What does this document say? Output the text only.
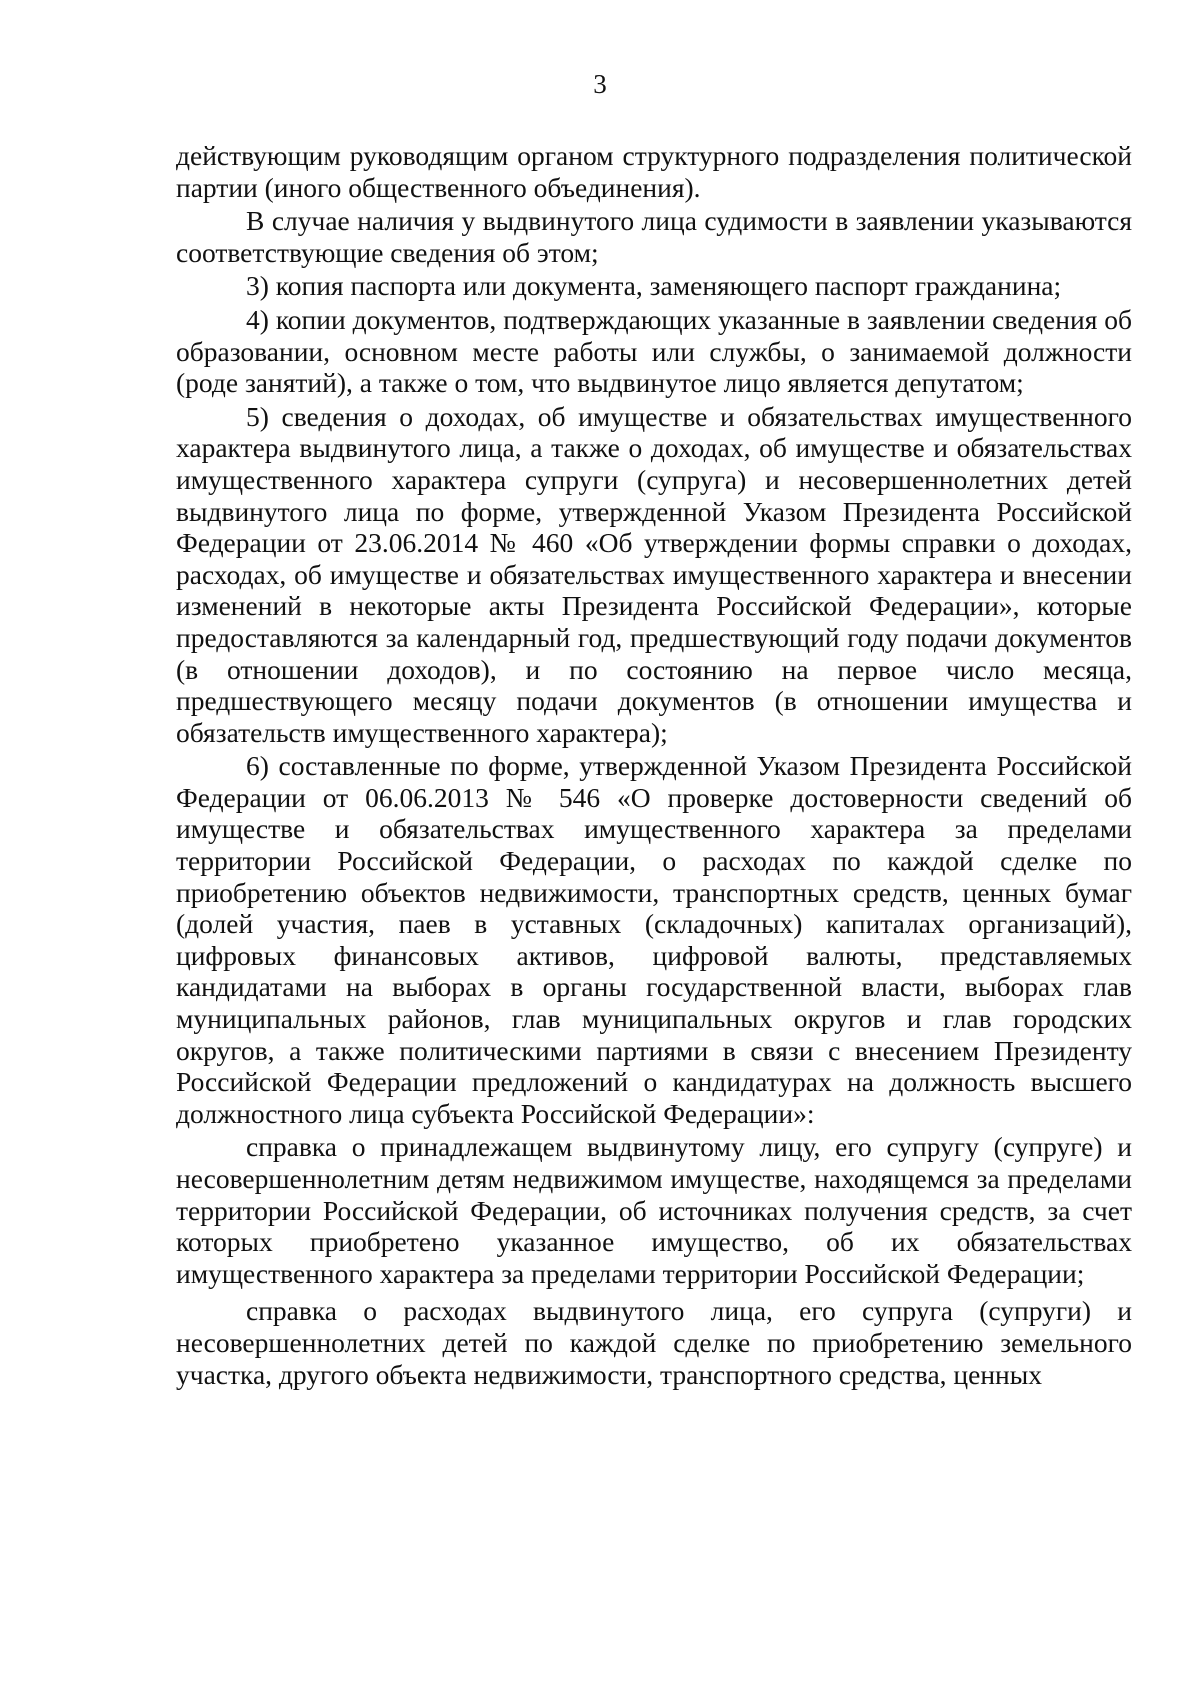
3

действующим руководящим органом структурного подразделения политической партии (иного общественного объединения).

В случае наличия у выдвинутого лица судимости в заявлении указываются соответствующие сведения об этом;

3) копия паспорта или документа, заменяющего паспорт гражданина;

4) копии документов, подтверждающих указанные в заявлении сведения об образовании, основном месте работы или службы, о занимаемой должности (роде занятий), а также о том, что выдвинутое лицо является депутатом;

5) сведения о доходах, об имуществе и обязательствах имущественного характера выдвинутого лица, а также о доходах, об имуществе и обязательствах имущественного характера супруги (супруга) и несовершеннолетних детей выдвинутого лица по форме, утвержденной Указом Президента Российской Федерации от 23.06.2014 № 460 «Об утверждении формы справки о доходах, расходах, об имуществе и обязательствах имущественного характера и внесении изменений в некоторые акты Президента Российской Федерации», которые предоставляются за календарный год, предшествующий году подачи документов (в отношении доходов), и по состоянию на первое число месяца, предшествующего месяцу подачи документов (в отношении имущества и обязательств имущественного характера);

6) составленные по форме, утвержденной Указом Президента Российской Федерации от 06.06.2013 № 546 «О проверке достоверности сведений об имуществе и обязательствах имущественного характера за пределами территории Российской Федерации, о расходах по каждой сделке по приобретению объектов недвижимости, транспортных средств, ценных бумаг (долей участия, паев в уставных (складочных) капиталах организаций), цифровых финансовых активов, цифровой валюты, представляемых кандидатами на выборах в органы государственной власти, выборах глав муниципальных районов, глав муниципальных округов и глав городских округов, а также политическими партиями в связи с внесением Президенту Российской Федерации предложений о кандидатурах на должность высшего должностного лица субъекта Российской Федерации»:

справка о принадлежащем выдвинутому лицу, его супругу (супруге) и несовершеннолетним детям недвижимом имуществе, находящемся за пределами территории Российской Федерации, об источниках получения средств, за счет которых приобретено указанное имущество, об их обязательствах имущественного характера за пределами территории Российской Федерации;

справка о расходах выдвинутого лица, его супруга (супруги) и несовершеннолетних детей по каждой сделке по приобретению земельного участка, другого объекта недвижимости, транспортного средства, ценных
